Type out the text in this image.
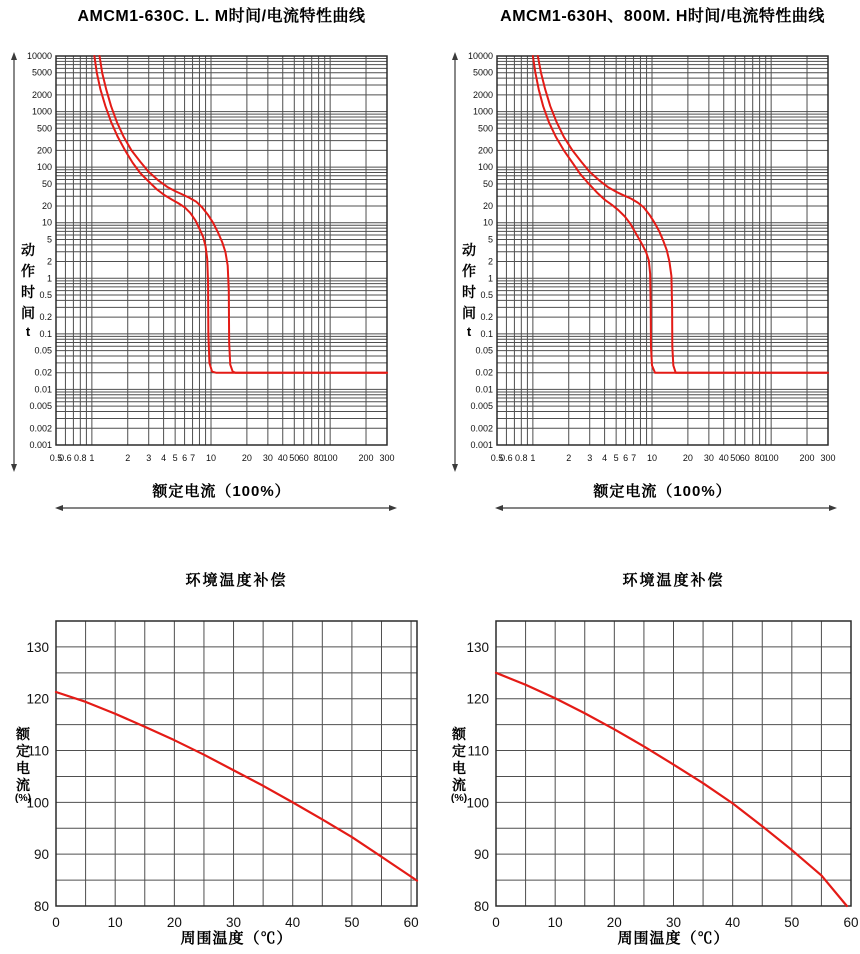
0.5
0.6 0.8 1	2 3 4 5 6 7 10	20 30 40 50 60 80 100 200 300
10000
5000
2000
1000
500
200
100
50
20
10
5
2
1
0.5
0.2
0.1
0.05
0.02
0.01
0.005
0.002
0.001
0.5
0.6 0.8 1	2 3 4 5 6 7 10	20 30 40 50 60 80 100 200 300
10000
5000
2000
1000
500
200
100
50
20
10
5
2
1
0.5
0.2
0.1
0.05
0.02
0.01
0.005
0.002
0.001
0	10	20	30	40	50	60
80
90
100
110
120
130
0	10	20	30	40	50	60
80
90
100
110
120
130
AMCM1-630C. L. M时间/电流特性曲线	AMCM1-630H、800M. H时间/电流特性曲线
环境温度补偿	环境温度补偿
额定电流（100%）	额定电流（100%）
周围温度（℃）	周围温度（℃）
动
作
时
间
t
动
作
时
间
t
额
定
电
流
(%)
额
定
电
流
(%)
